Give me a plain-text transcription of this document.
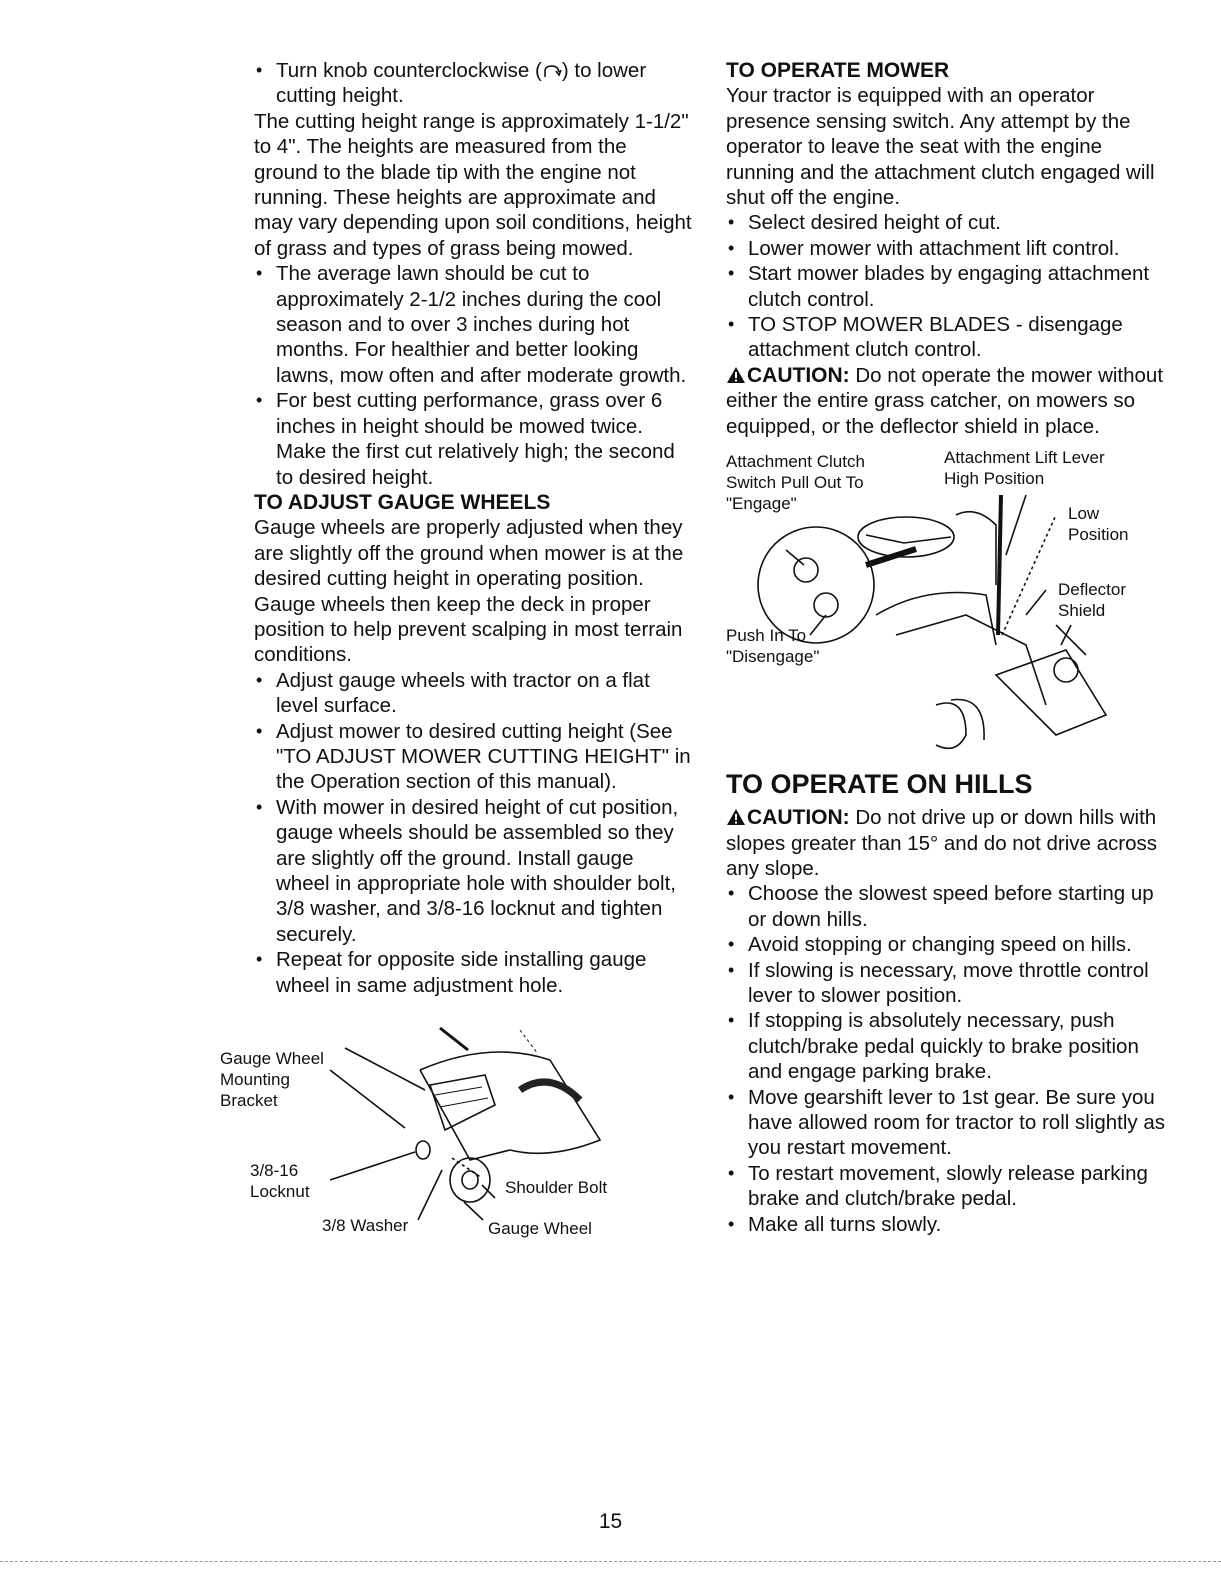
• Turn knob counterclockwise ( ) to lower cutting height.

The cutting height range is approximately 1-1/2" to 4". The heights are measured from the ground to the blade tip with the engine not running. These heights are approximate and may vary depending upon soil conditions, height of grass and types of grass being mowed.

• The average lawn should be cut to approximately 2-1/2 inches during the cool season and to over 3 inches during hot months. For healthier and better looking lawns, mow often and after moderate growth.
• For best cutting performance, grass over 6 inches in height should be mowed twice. Make the first cut relatively high; the second to desired height.
TO ADJUST GAUGE WHEELS

Gauge wheels are properly adjusted when they are slightly off the ground when mower is at the desired cutting height in operating position. Gauge wheels then keep the deck in proper position to help prevent scalping in most terrain conditions.

• Adjust gauge wheels with tractor on a flat level surface.
• Adjust mower to desired cutting height (See "TO ADJUST MOWER CUTTING HEIGHT" in the Operation section of this manual).
• With mower in desired height of cut position, gauge wheels should be assembled so they are slightly off the ground. Install gauge wheel in appropriate hole with shoulder bolt, 3/8 washer, and 3/8-16 locknut and tighten securely.
• Repeat for opposite side installing gauge wheel in same adjustment hole.
Gauge Wheel
Mounting
Bracket
3/8-16
Locknut
3/8 Washer	Gauge Wheel
Shoulder Bolt
TO OPERATE MOWER

Your tractor is equipped with an operator presence sensing switch. Any attempt by the operator to leave the seat with the engine running and the attachment clutch engaged will shut off the engine.

• Select desired height of cut.
• Lower mower with attachment lift control.
• Start mower blades by engaging attachment clutch control.
• TO STOP MOWER BLADES - disengage attachment clutch control.

CAUTION: Do not operate the mower without either the entire grass catcher, on mowers so equipped, or the deflector shield in place.

Attachment Clutch
Switch Pull Out To
"Engage"
Attachment Lift Lever
High Position
Low
Position
Deflector
Shield
Push In To
"Disengage"
TO OPERATE ON HILLS

CAUTION: Do not drive up or down hills with slopes greater than 15° and do not drive across any slope.

• Choose the slowest speed before starting up or down hills.
• Avoid stopping or changing speed on hills.
• If slowing is necessary, move throttle control lever to slower position.
• If stopping is absolutely necessary, push clutch/brake pedal quickly to brake position and engage parking brake.
• Move gearshift lever to 1st gear. Be sure you have allowed room for tractor to roll slightly as you restart movement.
• To restart movement, slowly release parking brake and clutch/brake pedal.
• Make all turns slowly.
15
